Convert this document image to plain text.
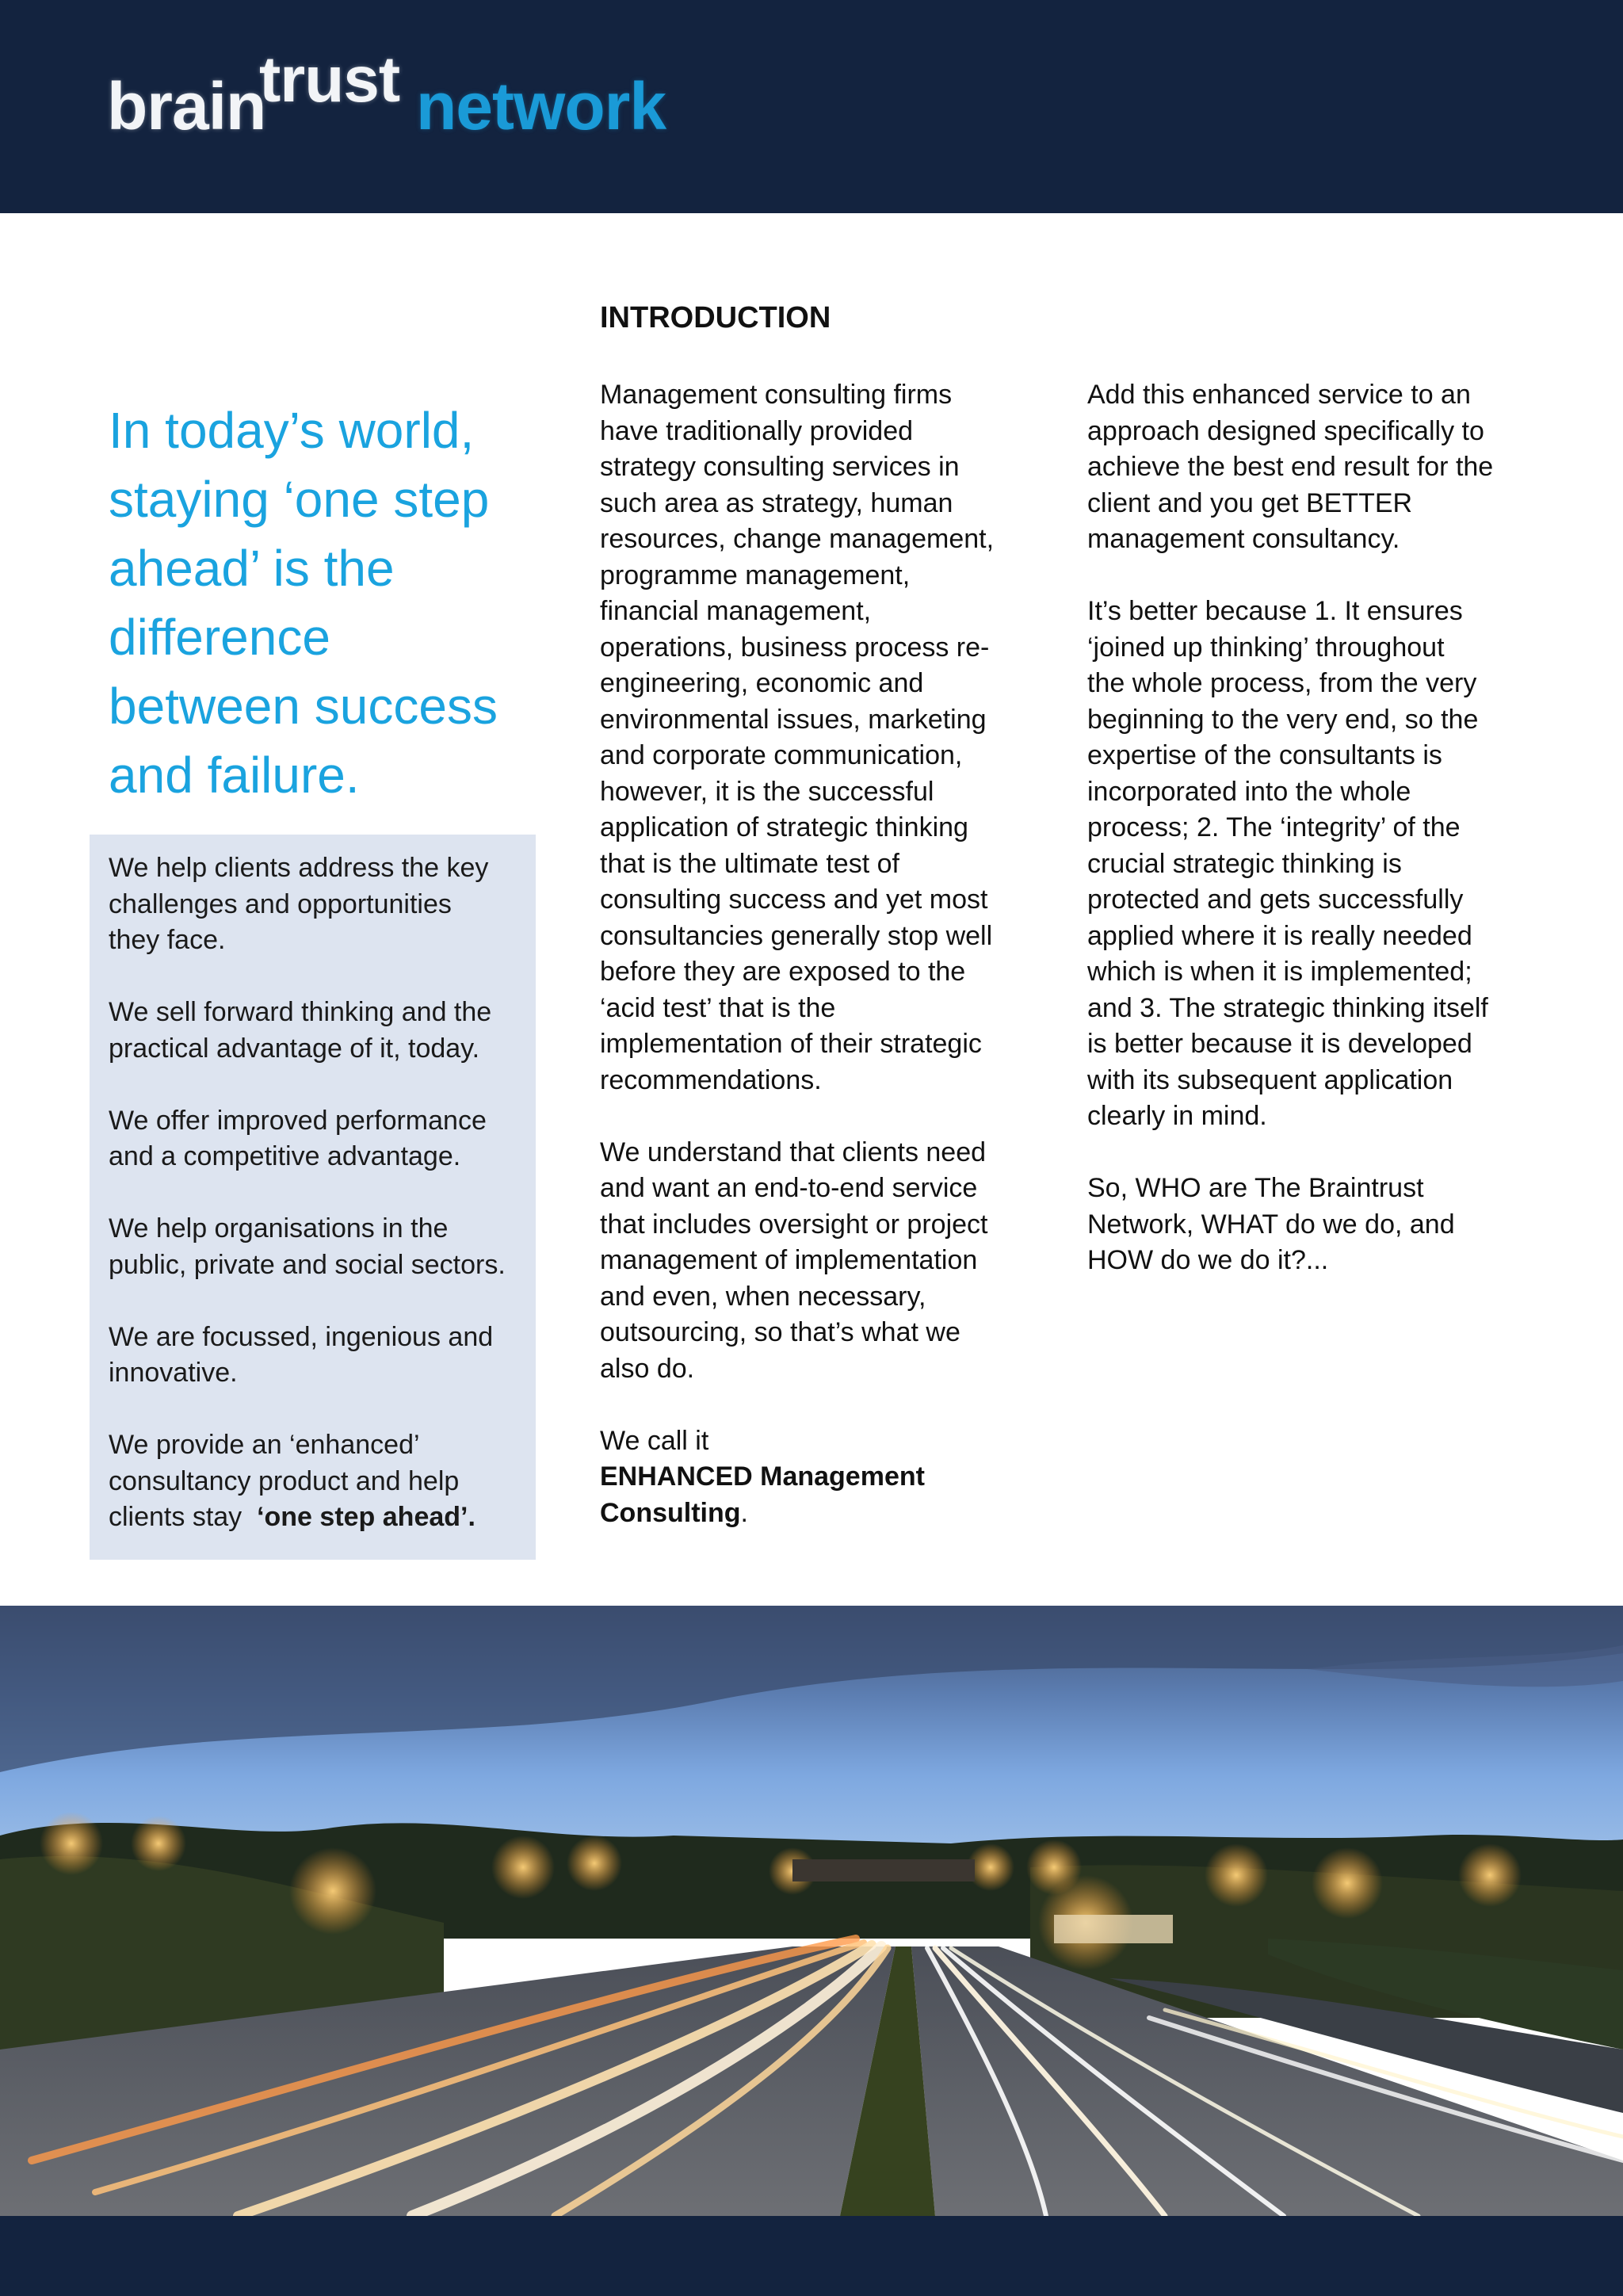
brain
trust network
In today’s world,
staying ‘one step
ahead’ is the
difference
between success
and failure.

We help clients address the key
challenges and opportunities
they face.

We sell forward thinking and the
practical advantage of it, today.

We offer improved performance
and a competitive advantage.

We help organisations in the
public, private and social sectors.

We are focussed, ingenious and
innovative.

We provide an ‘enhanced’
consultancy product and help
clients stay  ‘one step ahead’.

INTRODUCTION

Management consulting firms
have traditionally provided
strategy consulting services in
such area as strategy, human
resources, change management,
programme management,
financial management,
operations, business process re-
engineering, economic and
environmental issues, marketing
and corporate communication,
however, it is the successful
application of strategic thinking
that is the ultimate test of
consulting success and yet most
consultancies generally stop well
before they are exposed to the
‘acid test’ that is the
implementation of their strategic
recommendations.

We understand that clients need
and want an end-to-end service
that includes oversight or project
management of implementation
and even, when necessary,
outsourcing, so that’s what we
also do.

We call it
ENHANCED Management
Consulting.

Add this enhanced service to an
approach designed specifically to
achieve the best end result for the
client and you get BETTER
management consultancy.

It’s better because 1. It ensures
‘joined up thinking’ throughout
the whole process, from the very
beginning to the very end, so the
expertise of the consultants is
incorporated into the whole
process; 2. The ‘integrity’ of the
crucial strategic thinking is
protected and gets successfully
applied where it is really needed
which is when it is implemented;
and 3. The strategic thinking itself
is better because it is developed
with its subsequent application
clearly in mind.

So, WHO are The Braintrust
Network, WHAT do we do, and
HOW do we do it?...
